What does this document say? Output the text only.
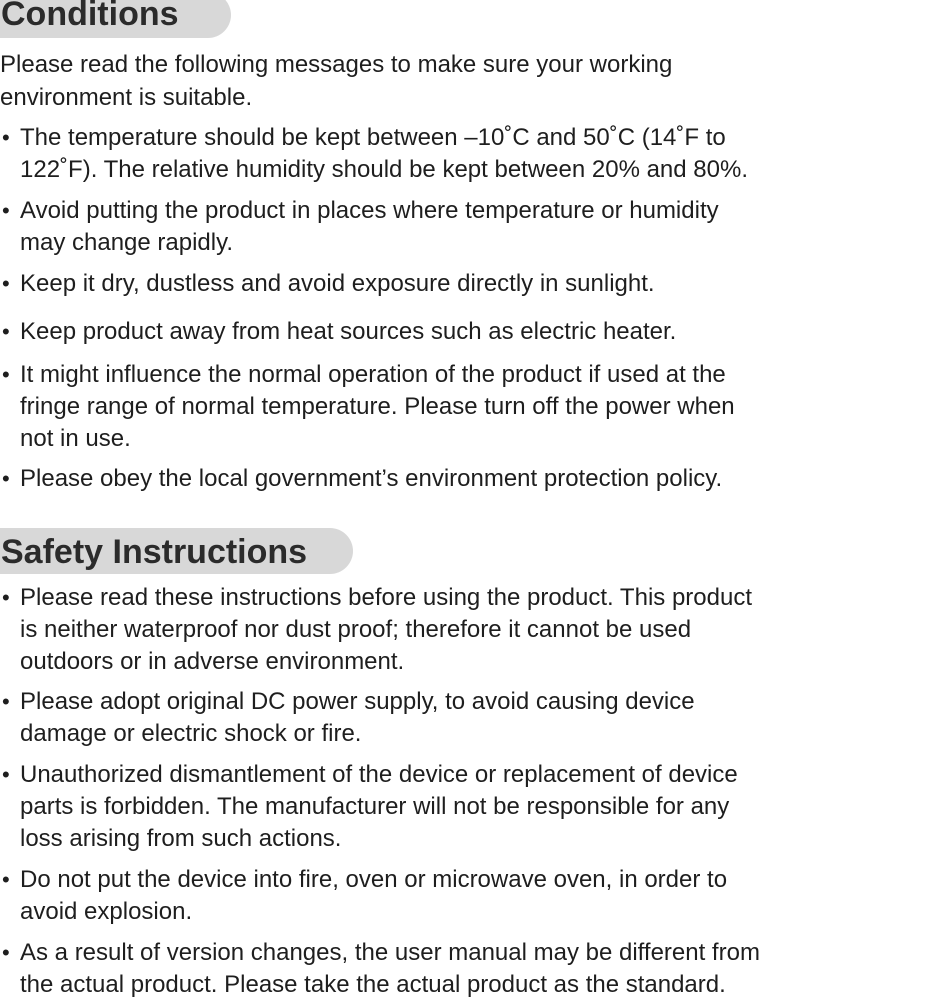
Conditions
Please read the following messages to make sure your working
environment is suitable.
• The temperature should be kept between –10˚C and 50˚C (14˚F to
122˚F). The relative humidity should be kept between 20% and 80%.
• Avoid putting the product in places where temperature or humidity
may change rapidly.
• Keep it dry, dustless and avoid exposure directly in sunlight.
• Keep product away from heat sources such as electric heater.
• It might influence the normal operation of the product if used at the
fringe range of normal temperature. Please turn off the power when
not in use.
• Please obey the local government’s environment protection policy.
Safety Instructions
• Please read these instructions before using the product. This product
is neither waterproof nor dust proof; therefore it cannot be used
outdoors or in adverse environment.
• Please adopt original DC power supply, to avoid causing device
damage or electric shock or fire.
• Unauthorized dismantlement of the device or replacement of device
parts is forbidden. The manufacturer will not be responsible for any
loss arising from such actions.
• Do not put the device into fire, oven or microwave oven, in order to
avoid explosion.
• As a result of version changes, the user manual may be different from
the actual product. Please take the actual product as the standard.
